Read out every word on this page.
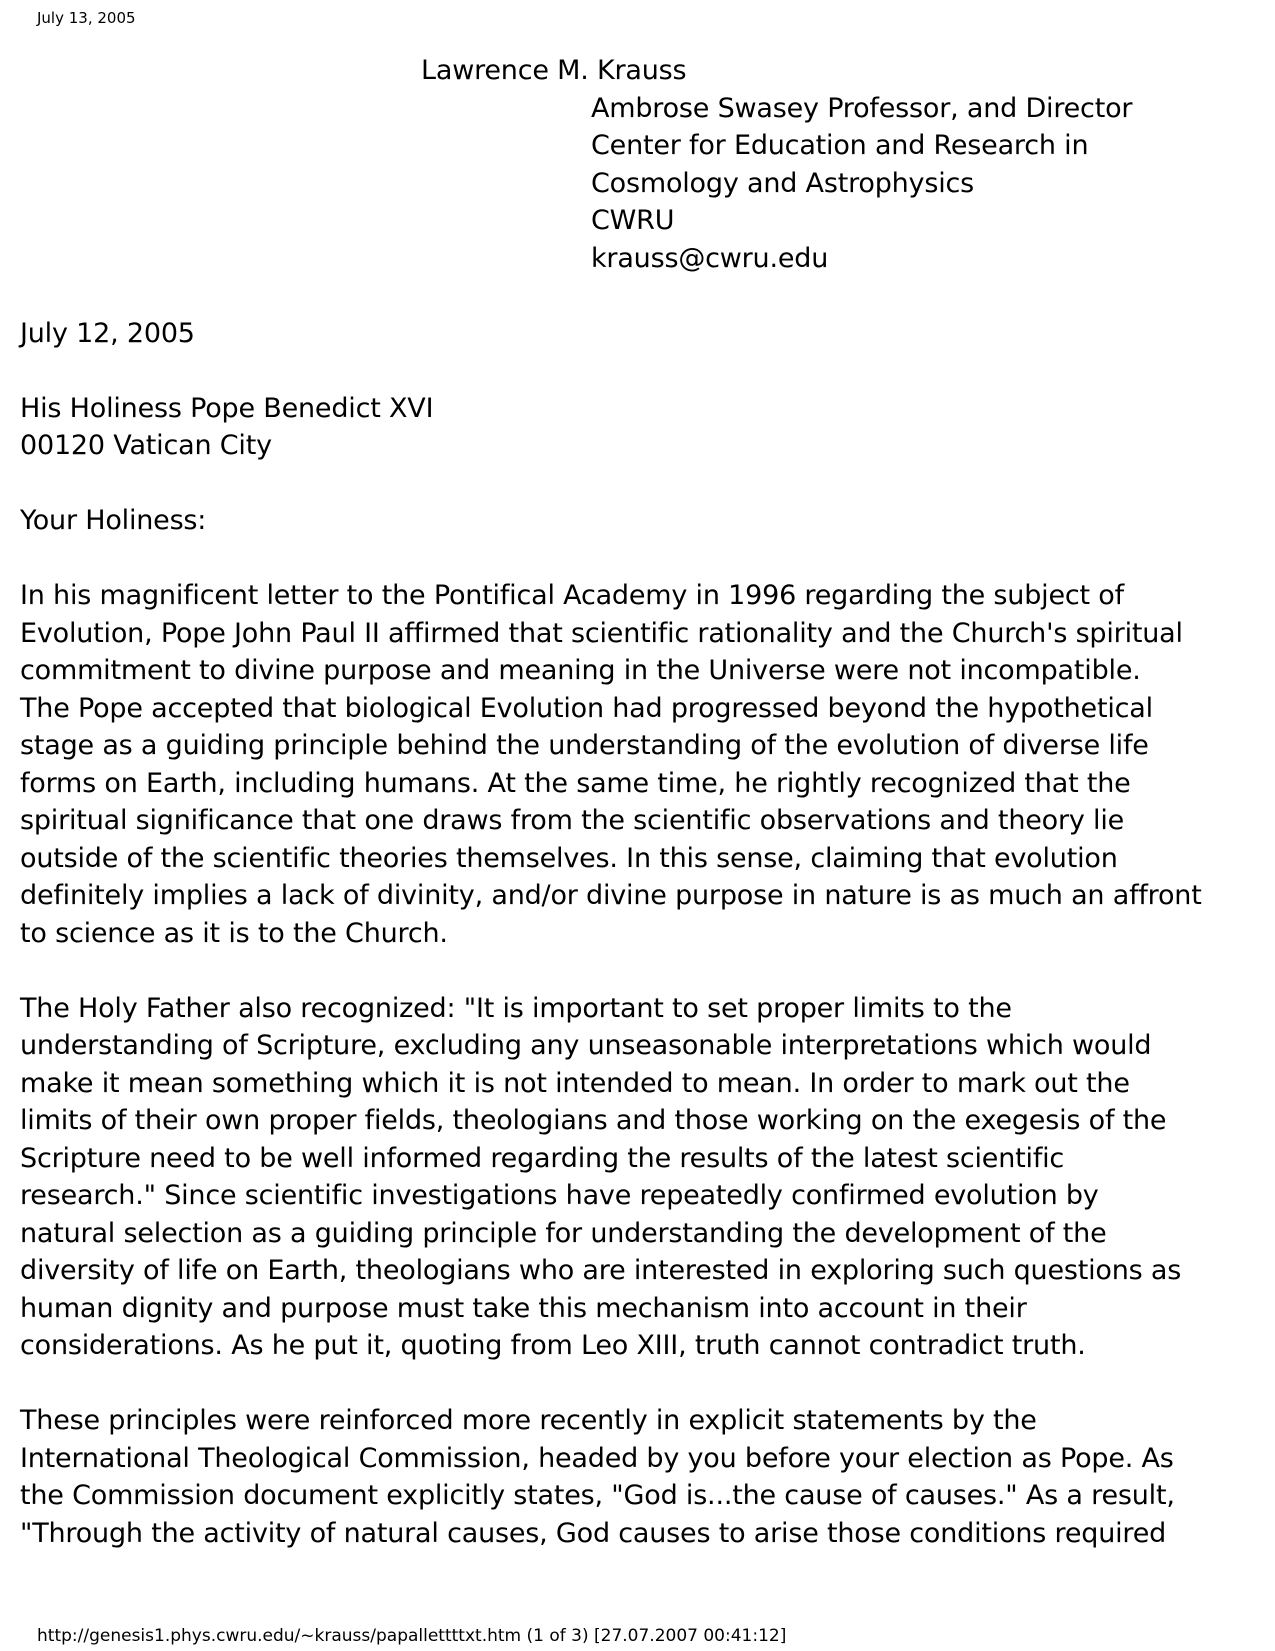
July 13, 2005
Lawrence M. Krauss
Ambrose Swasey Professor, and Director
Center for Education and Research in
Cosmology and Astrophysics
CWRU
krauss@cwru.edu
July 12, 2005
His Holiness Pope Benedict XVI
00120 Vatican City
Your Holiness:
In his magnificent letter to the Pontifical Academy in 1996 regarding the subject of
Evolution, Pope John Paul II affirmed that scientific rationality and the Church's spiritual
commitment to divine purpose and meaning in the Universe were not incompatible.
The Pope accepted that biological Evolution had progressed beyond the hypothetical
stage as a guiding principle behind the understanding of the evolution of diverse life
forms on Earth, including humans. At the same time, he rightly recognized that the
spiritual significance that one draws from the scientific observations and theory lie
outside of the scientific theories themselves. In this sense, claiming that evolution
definitely implies a lack of divinity, and/or divine purpose in nature is as much an affront
to science as it is to the Church.
The Holy Father also recognized: "It is important to set proper limits to the
understanding of Scripture, excluding any unseasonable interpretations which would
make it mean something which it is not intended to mean. In order to mark out the
limits of their own proper fields, theologians and those working on the exegesis of the
Scripture need to be well informed regarding the results of the latest scientific
research." Since scientific investigations have repeatedly confirmed evolution by
natural selection as a guiding principle for understanding the development of the
diversity of life on Earth, theologians who are interested in exploring such questions as
human dignity and purpose must take this mechanism into account in their
considerations. As he put it, quoting from Leo XIII, truth cannot contradict truth.
These principles were reinforced more recently in explicit statements by the
International Theological Commission, headed by you before your election as Pope. As
the Commission document explicitly states, "God is...the cause of causes." As a result,
"Through the activity of natural causes, God causes to arise those conditions required
http://genesis1.phys.cwru.edu/~krauss/papallettttxt.htm (1 of 3) [27.07.2007 00:41:12]
